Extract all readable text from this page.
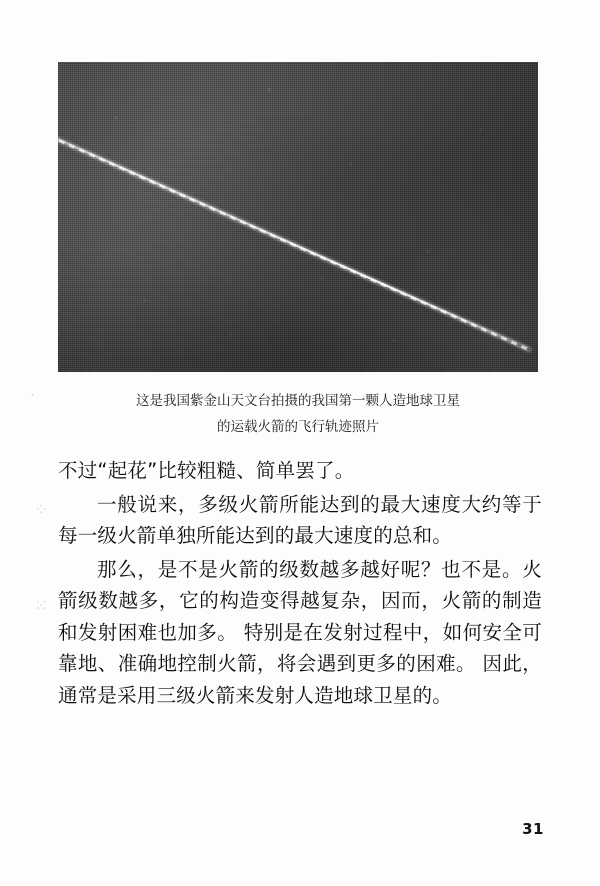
·	这是我国紫金山天文台拍摄的我国第一颗人造地球卫星
的运载火箭的飞行轨迹照片
⁘
⁙

不过“起花”比较粗糙、简单罢了。

一般说来，多级火箭所能达到的最大速度大约等于每一级火箭单独所能达到的最大速度的总和。

那么，是不是火箭的级数越多越好呢？也不是。火箭级数越多，它的构造变得越复杂，因而，火箭的制造和发射困难也加多。 特别是在发射过程中，如何安全可靠地、准确地控制火箭，将会遇到更多的困难。 因此，通常是采用三级火箭来发射人造地球卫星的。

31
